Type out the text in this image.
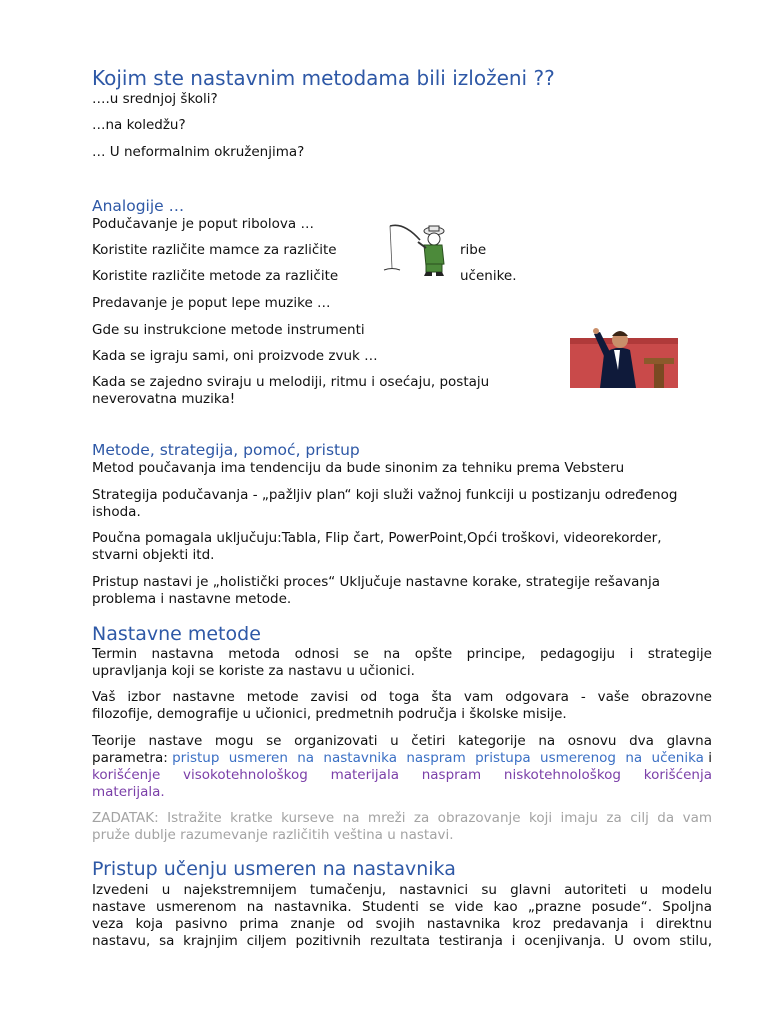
Kojim ste nastavnim metodama bili izloženi ??
….u srednjoj školi?
…na koledžu?
… U neformalnim okruženjima?
Analogije …
Podučavanje je poput ribolova …
Koristite različite mamce za različite	ribe
Koristite različite metode za različite	učenike.
Predavanje je poput lepe muzike …
Gde su instrukcione metode instrumenti
Kada se igraju sami, oni proizvode zvuk …
Kada se zajedno sviraju u melodiji, ritmu i osećaju, postaju
neverovatna muzika!
Metode, strategija, pomoć, pristup
Metod poučavanja ima tendenciju da bude sinonim za tehniku prema Vebsteru
Strategija podučavanja - „pažljiv plan“ koji služi važnoj funkciji u postizanju određenog
ishoda.
Poučna pomagala uključuju:Tabla, Flip čart, PowerPoint,Opći troškovi, videorekorder,
stvarni objekti itd.
Pristup nastavi je „holistički proces“ Uključuje nastavne korake, strategije rešavanja
problema i nastavne metode.
Nastavne metode
Termin nastavna metoda odnosi se na opšte principe, pedagogiju i strategije
upravljanja koji se koriste za nastavu u učionici.
Vaš izbor nastavne metode zavisi od toga šta vam odgovara - vaše obrazovne
filozofije, demografije u učionici, predmetnih područja i školske misije.
Teorije nastave mogu se organizovati u četiri kategorije na osnovu dva glavna
parametra: pristup usmeren na nastavnika naspram pristupa usmerenog na učenika i
korišćenje visokotehnološkog materijala naspram niskotehnološkog korišćenja
materijala.
ZADATAK: Istražite kratke kurseve na mreži za obrazovanje koji imaju za cilj da vam
pruže dublje razumevanje različitih veština u nastavi.
Pristup učenju usmeren na nastavnika
Izvedeni u najekstremnijem tumačenju, nastavnici su glavni autoriteti u modelu
nastave usmerenom na nastavnika. Studenti se vide kao „prazne posude“. Spoljna
veza koja pasivno prima znanje od svojih nastavnika kroz predavanja i direktnu
nastavu, sa krajnjim ciljem pozitivnih rezultata testiranja i ocenjivanja. U ovom stilu,
